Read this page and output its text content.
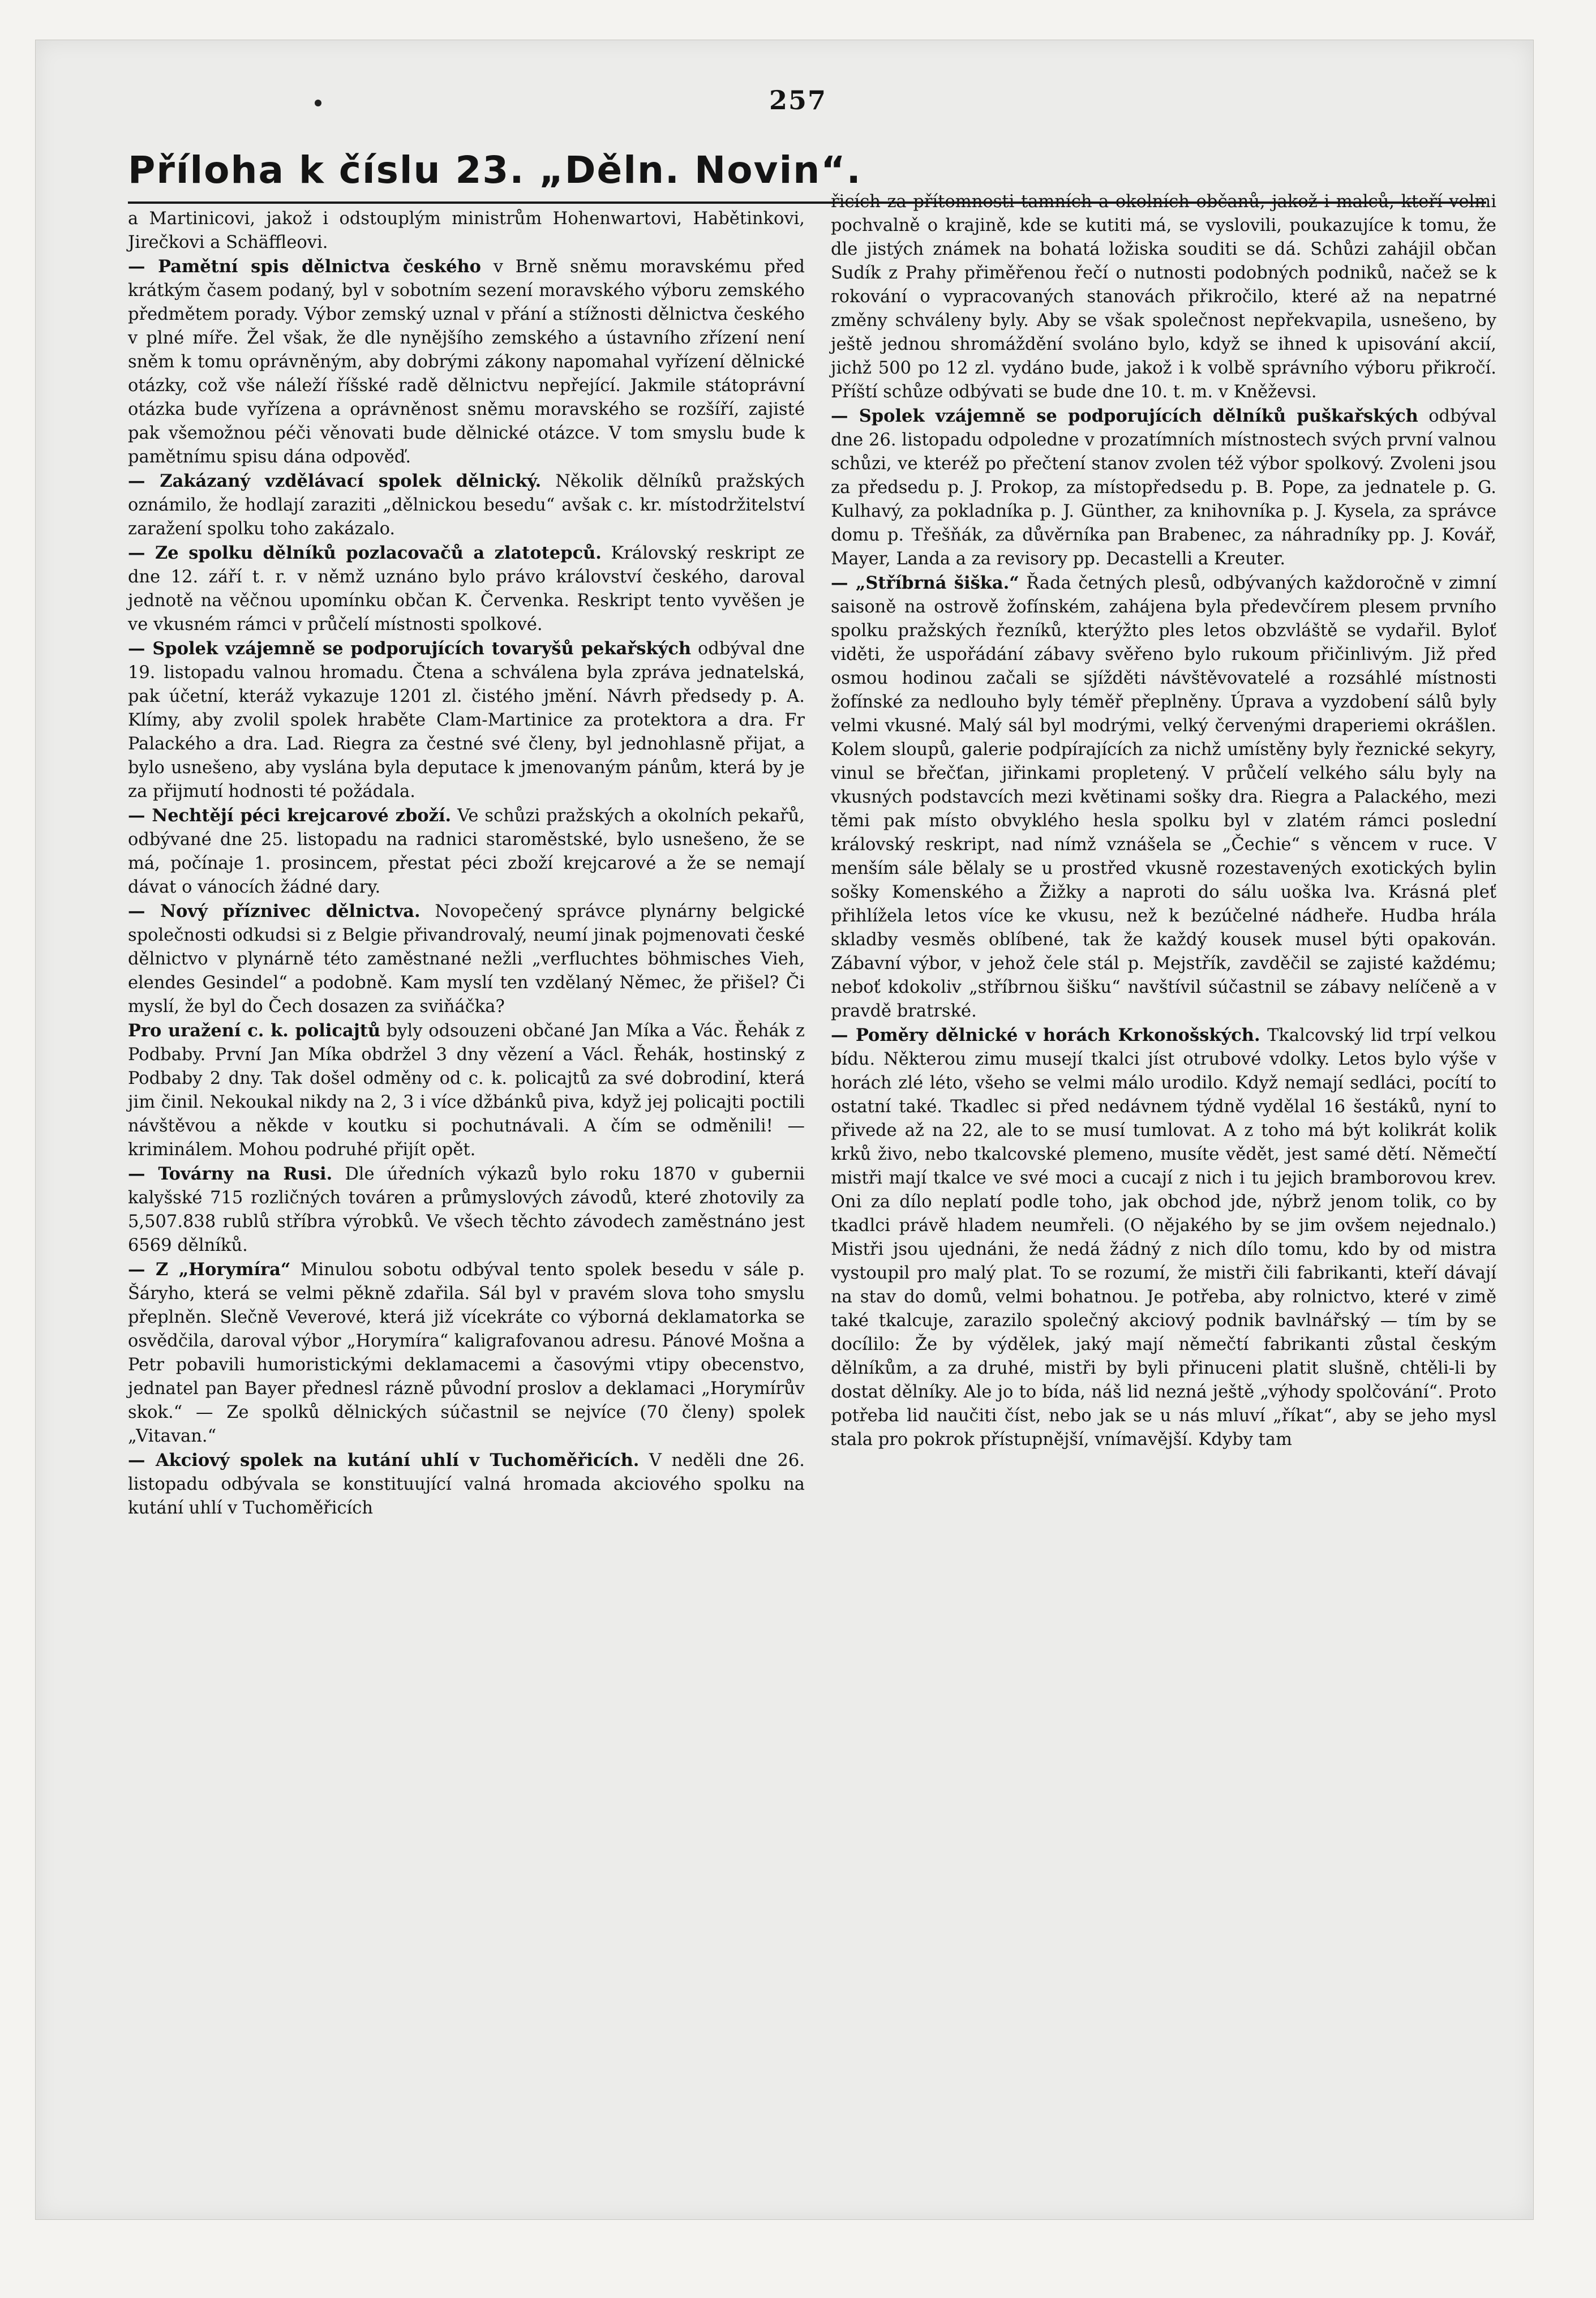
257
Příloha k číslu 23. „Děln. Novin“.

a Martinicovi, jakož i odstouplým ministrům Hohenwartovi, Habětinkovi, Jirečkovi a Schäffleovi.

— Pamětní spis dělnictva českého v Brně sněmu moravskému před krátkým časem podaný, byl v sobotním sezení moravského výboru zemského předmětem porady. Výbor zemský uznal v přání a stížnosti dělnictva českého v plné míře. Žel však, že dle nynějšího zemského a ústavního zřízení není sněm k tomu oprávněným, aby dobrými zákony napomahal vyřízení dělnické otázky, což vše náleží říšské radě dělnictvu nepřející. Jakmile státoprávní otázka bude vyřízena a oprávněnost sněmu moravského se rozšíří, zajisté pak všemožnou péči věnovati bude dělnické otázce. V tom smyslu bude k pamětnímu spisu dána odpověď.

— Zakázaný vzdělávací spolek dělnický. Několik dělníků pražských oznámilo, že hodlají zaraziti „dělnickou besedu“ avšak c. kr. místodržitelství zaražení spolku toho zakázalo.

— Ze spolku dělníků pozlacovačů a zlatotepců. Královský reskript ze dne 12. září t. r. v němž uznáno bylo právo království českého, daroval jednotě na věčnou upomínku občan K. Červenka. Reskript tento vyvěšen je ve vkusném rámci v průčelí místnosti spolkové.

— Spolek vzájemně se podporujících tovaryšů pekařských odbýval dne 19. listopadu valnou hromadu. Čtena a schválena byla zpráva jednatelská, pak účetní, kteráž vykazuje 1201 zl. čistého jmění. Návrh předsedy p. A. Klímy, aby zvolil spolek hraběte Clam-Martinice za protektora a dra. Fr Palackého a dra. Lad. Riegra za čestné své členy, byl jednohlasně přijat, a bylo usnešeno, aby vyslána byla deputace k jmenovaným pánům, která by je za přijmutí hodnosti té požádala.

— Nechtějí péci krejcarové zboží. Ve schůzi pražských a okolních pekařů, odbývané dne 25. listopadu na radnici staroměstské, bylo usnešeno, že se má, počínaje 1. prosincem, přestat péci zboží krejcarové a že se nemají dávat o vánocích žádné dary.

— Nový příznivec dělnictva. Novopečený správce plynárny belgické společnosti odkudsi si z Belgie přivandrovalý, neumí jinak pojmenovati české dělnictvo v plynárně této zaměstnané nežli „verfluchtes böhmisches Vieh, elendes Gesindel“ a podobně. Kam myslí ten vzdělaný Němec, že přišel? Či myslí, že byl do Čech dosazen za sviňáčka?

Pro uražení c. k. policajtů byly odsouzeni občané Jan Míka a Vác. Řehák z Podbaby. První Jan Míka obdržel 3 dny vězení a Václ. Řehák, hostinský z Podbaby 2 dny. Tak došel odměny od c. k. policajtů za své dobrodiní, která jim činil. Nekoukal nikdy na 2, 3 i více džbánků piva, když jej policajti poctili návštěvou a někde v koutku si pochutnávali. A čím se odměnili! — kriminálem. Mohou podruhé přijít opět.

— Továrny na Rusi. Dle úředních výkazů bylo roku 1870 v gubernii kalyšské 715 rozličných továren a průmyslových závodů, které zhotovily za 5,507.838 rublů stříbra výrobků. Ve všech těchto závodech zaměstnáno jest 6569 dělníků.

— Z „Horymíra“ Minulou sobotu odbýval tento spolek besedu v sále p. Šáryho, která se velmi pěkně zdařila. Sál byl v pravém slova toho smyslu přeplněn. Slečně Veverové, která již vícekráte co výborná deklamatorka se osvědčila, daroval výbor „Horymíra“ kaligrafovanou adresu. Pánové Mošna a Petr pobavili humoristickými deklamacemi a časovými vtipy obecenstvo, jednatel pan Bayer přednesl rázně původní proslov a deklamaci „Horymírův skok.“ — Ze spolků dělnických súčastnil se nejvíce (70 členy) spolek „Vitavan.“

— Akciový spolek na kutání uhlí v Tuchoměřicích. V neděli dne 26. listopadu odbývala se konstituující valná hromada akciového spolku na kutání uhlí v Tuchoměřicích

řicích za přítomnosti tamních a okolních občanů, jakož i malců, kteří velmi pochvalně o krajině, kde se kutiti má, se vyslovili, poukazujíce k tomu, že dle jistých známek na bohatá ložiska souditi se dá. Schůzi zahájil občan Sudík z Prahy přiměřenou řečí o nutnosti podobných podniků, načež se k rokování o vypracovaných stanovách přikročilo, které až na nepatrné změny schváleny byly. Aby se však společnost nepřekvapila, usnešeno, by ještě jednou shromáždění svoláno bylo, když se ihned k upisování akcií, jichž 500 po 12 zl. vydáno bude, jakož i k volbě správního výboru přikročí. Příští schůze odbývati se bude dne 10. t. m. v Kněževsi.

— Spolek vzájemně se podporujících dělníků puškařských odbýval dne 26. listopadu odpoledne v prozatímních místnostech svých první valnou schůzi, ve kteréž po přečtení stanov zvolen též výbor spolkový. Zvoleni jsou za předsedu p. J. Prokop, za místopředsedu p. B. Pope, za jednatele p. G. Kulhavý, za pokladníka p. J. Günther, za knihovníka p. J. Kysela, za správce domu p. Třešňák, za důvěrníka pan Brabenec, za náhradníky pp. J. Kovář, Mayer, Landa a za revisory pp. Decastelli a Kreuter.

— „Stříbrná šiška.“ Řada četných plesů, odbývaných každoročně v zimní saisoně na ostrově žofínském, zahájena byla předevčírem plesem prvního spolku pražských řezníků, kterýžto ples letos obzvláště se vydařil. Byloť viděti, že uspořádání zábavy svěřeno bylo rukoum přičinlivým. Již před osmou hodinou začali se sjížděti návštěvovatelé a rozsáhlé místnosti žofínské za nedlouho byly téměř přeplněny. Úprava a vyzdobení sálů byly velmi vkusné. Malý sál byl modrými, velký červenými draperiemi okrášlen. Kolem sloupů, galerie podpírajících za nichž umístěny byly řeznické sekyry, vinul se břečťan, jiřinkami propletený. V průčelí velkého sálu byly na vkusných podstavcích mezi květinami sošky dra. Riegra a Palackého, mezi těmi pak místo obvyklého hesla spolku byl v zlatém rámci poslední královský reskript, nad nímž vznášela se „Čechie“ s věncem v ruce. V menším sále bělaly se u prostřed vkusně rozestavených exotických bylin sošky Komenského a Žižky a naproti do sálu uoška lva. Krásná pleť přihlížela letos více ke vkusu, než k bezúčelné nádheře. Hudba hrála skladby vesměs oblíbené, tak že každý kousek musel býti opakován. Zábavní výbor, v jehož čele stál p. Mejstřík, zavděčil se zajisté každému; neboť kdokoliv „stříbrnou šišku“ navštívil súčastnil se zábavy nelíčeně a v pravdě bratrské.

— Poměry dělnické v horách Krkonošských. Tkalcovský lid trpí velkou bídu. Některou zimu musejí tkalci jíst otrubové vdolky. Letos bylo výše v horách zlé léto, všeho se velmi málo urodilo. Když nemají sedláci, pocítí to ostatní také. Tkadlec si před nedávnem týdně vydělal 16 šestáků, nyní to přivede až na 22, ale to se musí tumlovat. A z toho má být kolikrát kolik krků živo, nebo tkalcovské plemeno, musíte vědět, jest samé dětí. Němečtí mistři mají tkalce ve své moci a cucají z nich i tu jejich bramborovou krev. Oni za dílo neplatí podle toho, jak obchod jde, nýbrž jenom tolik, co by tkadlci právě hladem neumřeli. (O nějakého by se jim ovšem nejednalo.) Mistři jsou ujednáni, že nedá žádný z nich dílo tomu, kdo by od mistra vystoupil pro malý plat. To se rozumí, že mistři čili fabrikanti, kteří dávají na stav do domů, velmi bohatnou. Je potřeba, aby rolnictvo, které v zimě také tkalcuje, zarazilo společný akciový podnik bavlnářský — tím by se docílilo: Že by výdělek, jaký mají němečtí fabrikanti zůstal českým dělníkům, a za druhé, mistři by byli přinuceni platit slušně, chtěli-li by dostat dělníky. Ale jo to bída, náš lid nezná ještě „výhody spolčování“. Proto potřeba lid naučiti číst, nebo jak se u nás mluví „říkat“, aby se jeho mysl stala pro pokrok přístupnější, vnímavější. Kdyby tam
